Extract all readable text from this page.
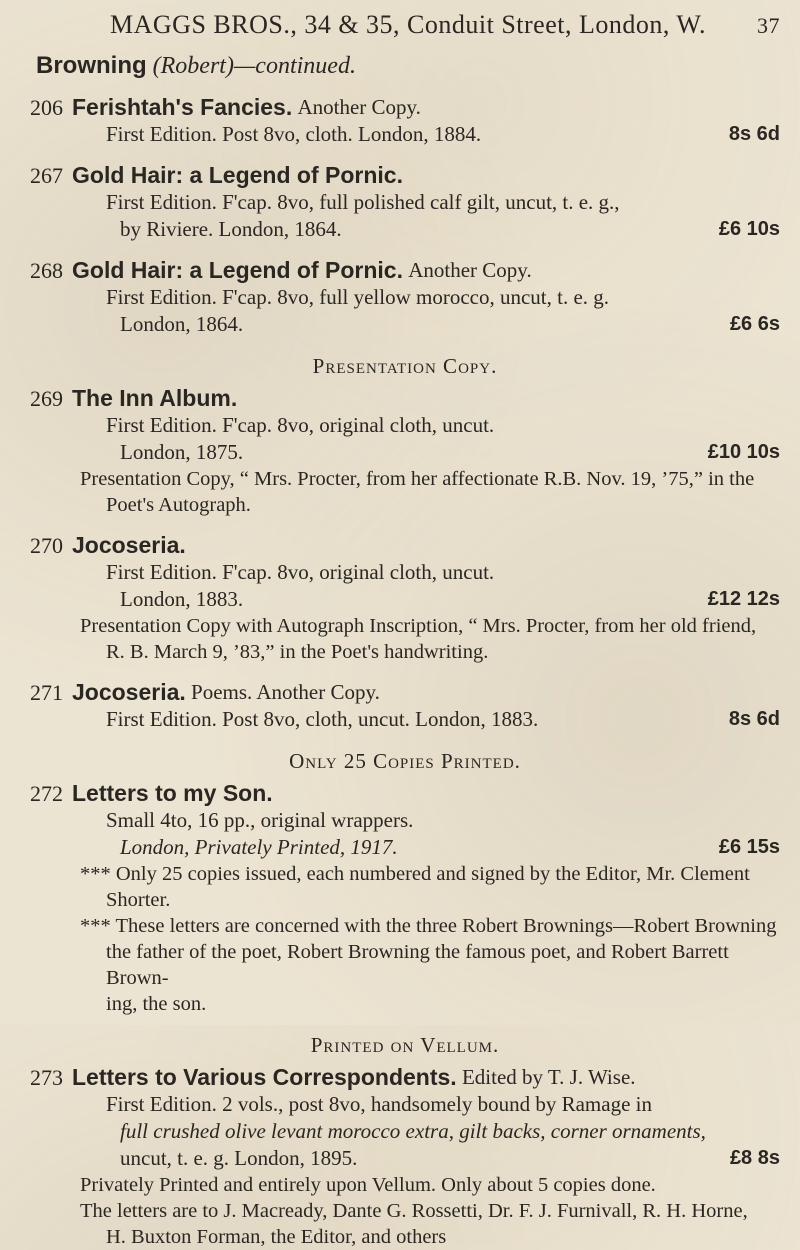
MAGGS BROS., 34 & 35, Conduit Street, London, W.	37
Browning (Robert)—continued.
206 Ferishtah's Fancies.
Another Copy.
First Edition. Post 8vo, cloth. London, 1884.	8s 6d
267 Gold Hair: a Legend of Pornic.
First Edition. F'cap. 8vo, full polished calf gilt, uncut, t. e. g.,
by Riviere. London, 1864.	£6 10s
268 Gold Hair: a Legend of Pornic.
Another Copy.
First Edition. F'cap. 8vo, full yellow morocco, uncut, t. e. g.
London, 1864.	£6 6s
Presentation Copy.
269 The Inn Album.
First Edition. F'cap. 8vo, original cloth, uncut.
London, 1875.	£10 10s
Presentation Copy, “ Mrs. Procter, from her affectionate R.B. Nov. 19, ’75,” in the
Poet's Autograph.
270 Jocoseria.
First Edition. F'cap. 8vo, original cloth, uncut.
London, 1883.	£12 12s
Presentation Copy with Autograph Inscription, “ Mrs. Procter, from her old friend,
R. B. March 9, ’83,” in the Poet's handwriting.
271 Jocoseria.
Poems. Another Copy.
First Edition. Post 8vo, cloth, uncut. London, 1883.	8s 6d
Only 25 Copies Printed.
272 Letters to my Son.
Small 4to, 16 pp., original wrappers.
London, Privately Printed, 1917.	£6 15s
*** Only 25 copies issued, each numbered and signed by the Editor, Mr. Clement
Shorter.
*** These letters are concerned with the three Robert Brownings—Robert Browning
the father of the poet, Robert Browning the famous poet, and Robert Barrett Brown-
ing, the son.
Printed on Vellum.
273 Letters to Various Correspondents.
Edited by T. J. Wise.
First Edition. 2 vols., post 8vo, handsomely bound by Ramage in
full crushed olive levant morocco extra, gilt backs, corner ornaments,
uncut, t. e. g. London, 1895.	£8 8s
Privately Printed and entirely upon Vellum. Only about 5 copies done.
The letters are to J. Macready, Dante G. Rossetti, Dr. F. J. Furnivall, R. H. Horne,
H. Buxton Forman, the Editor, and others
